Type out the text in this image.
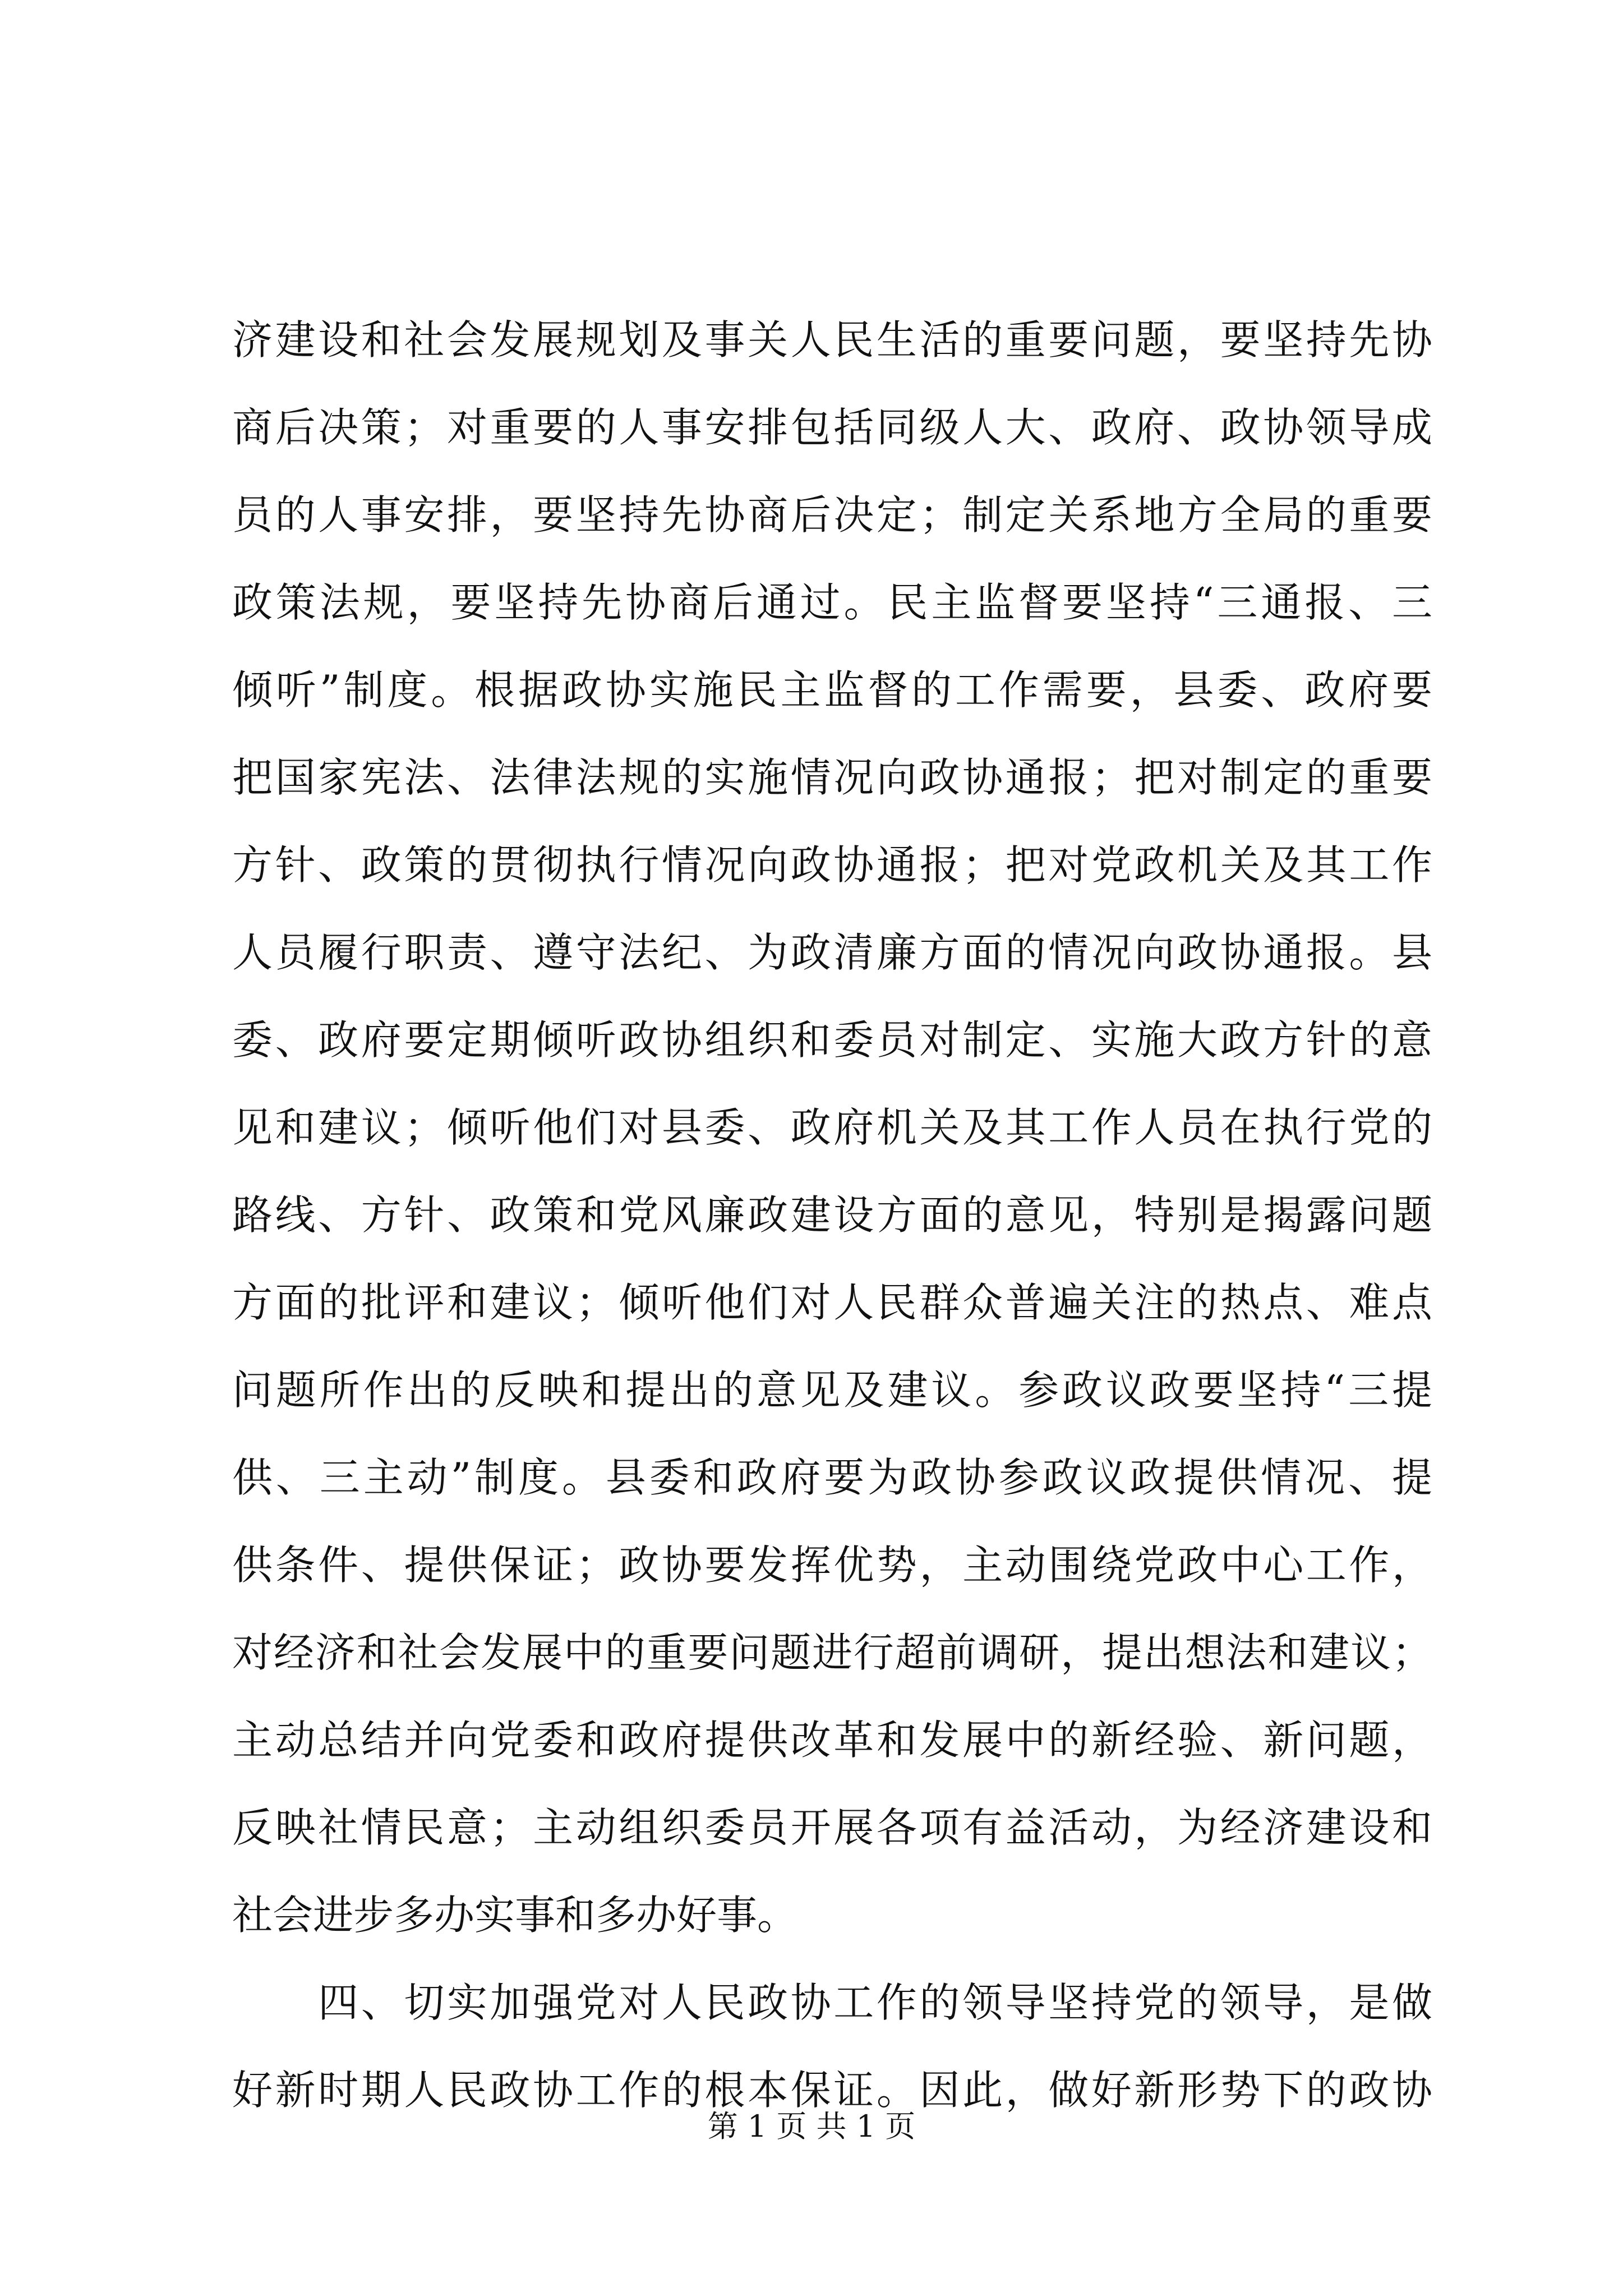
济建设和社会发展规划及事关人民生活的重要问题，要坚持先协
商后决策；对重要的人事安排包括同级人大、政府、政协领导成
员的人事安排，要坚持先协商后决定；制定关系地方全局的重要
政策法规，要坚持先协商后通过。民主监督要坚持“三通报、三
倾听”制度。根据政协实施民主监督的工作需要，县委、政府要
把国家宪法、法律法规的实施情况向政协通报；把对制定的重要
方针、政策的贯彻执行情况向政协通报；把对党政机关及其工作
人员履行职责、遵守法纪、为政清廉方面的情况向政协通报。县
委、政府要定期倾听政协组织和委员对制定、实施大政方针的意
见和建议；倾听他们对县委、政府机关及其工作人员在执行党的
路线、方针、政策和党风廉政建设方面的意见，特别是揭露问题
方面的批评和建议；倾听他们对人民群众普遍关注的热点、难点
问题所作出的反映和提出的意见及建议。参政议政要坚持“三提
供、三主动”制度。县委和政府要为政协参政议政提供情况、提
供条件、提供保证；政协要发挥优势，主动围绕党政中心工作，
对经济和社会发展中的重要问题进行超前调研，提出想法和建议；
主动总结并向党委和政府提供改革和发展中的新经验、新问题，
反映社情民意；主动组织委员开展各项有益活动，为经济建设和
社会进步多办实事和多办好事。
　　四、切实加强党对人民政协工作的领导坚持党的领导，是做
好新时期人民政协工作的根本保证。因此，做好新形势下的政协
第 1 页 共 1 页
